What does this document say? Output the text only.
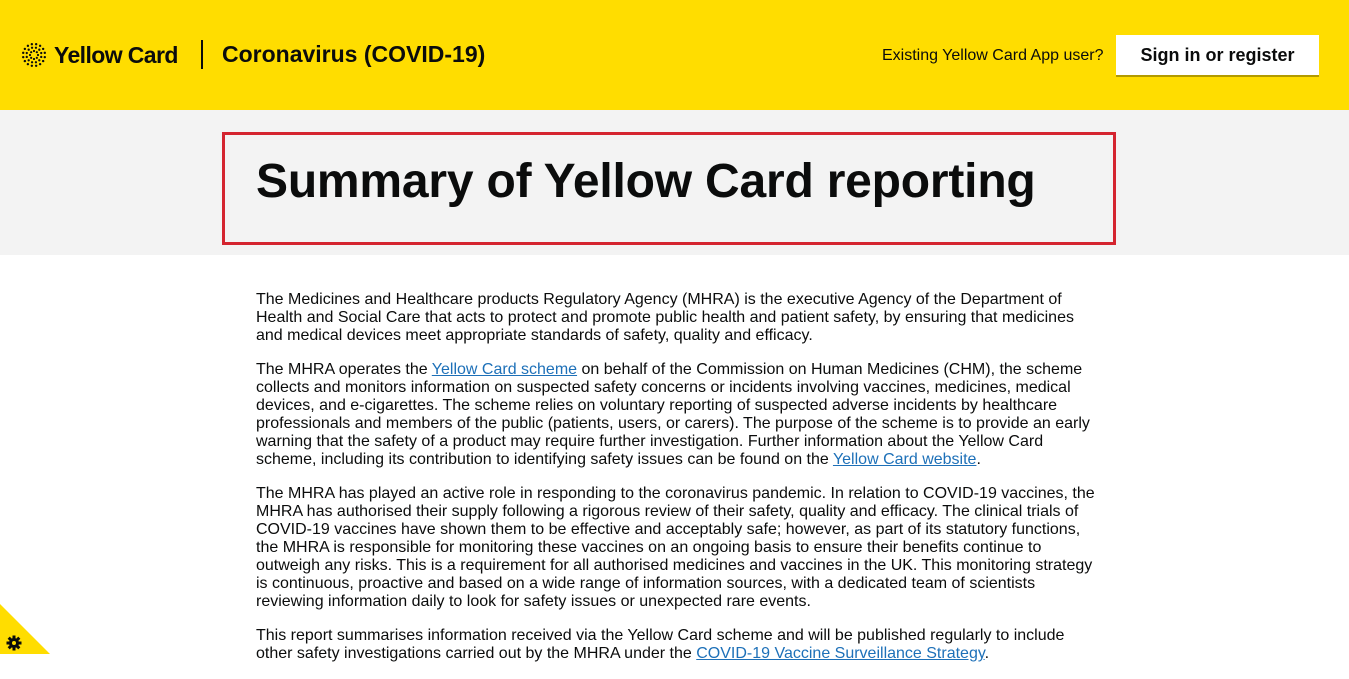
Yellow Card Coronavirus (COVID-19)	Existing Yellow Card App user?	Sign in or register
Summary of Yellow Card reporting

The Medicines and Healthcare products Regulatory Agency (MHRA) is the executive Agency of the Department of Health and Social Care that acts to protect and promote public health and patient safety, by ensuring that medicines and medical devices meet appropriate standards of safety, quality and efficacy.

The MHRA operates the Yellow Card scheme on behalf of the Commission on Human Medicines (CHM), the scheme collects and monitors information on suspected safety concerns or incidents involving vaccines, medicines, medical devices, and e-cigarettes. The scheme relies on voluntary reporting of suspected adverse incidents by healthcare professionals and members of the public (patients, users, or carers). The purpose of the scheme is to provide an early warning that the safety of a product may require further investigation. Further information about the Yellow Card scheme, including its contribution to identifying safety issues can be found on the Yellow Card website.

The MHRA has played an active role in responding to the coronavirus pandemic. In relation to COVID-19 vaccines, the MHRA has authorised their supply following a rigorous review of their safety, quality and efficacy. The clinical trials of COVID-19 vaccines have shown them to be effective and acceptably safe; however, as part of its statutory functions, the MHRA is responsible for monitoring these vaccines on an ongoing basis to ensure their benefits continue to outweigh any risks. This is a requirement for all authorised medicines and vaccines in the UK. This monitoring strategy is continuous, proactive and based on a wide range of information sources, with a dedicated team of scientists reviewing information daily to look for safety issues or unexpected rare events.

This report summarises information received via the Yellow Card scheme and will be published regularly to include other safety investigations carried out by the MHRA under the COVID-19 Vaccine Surveillance Strategy.
